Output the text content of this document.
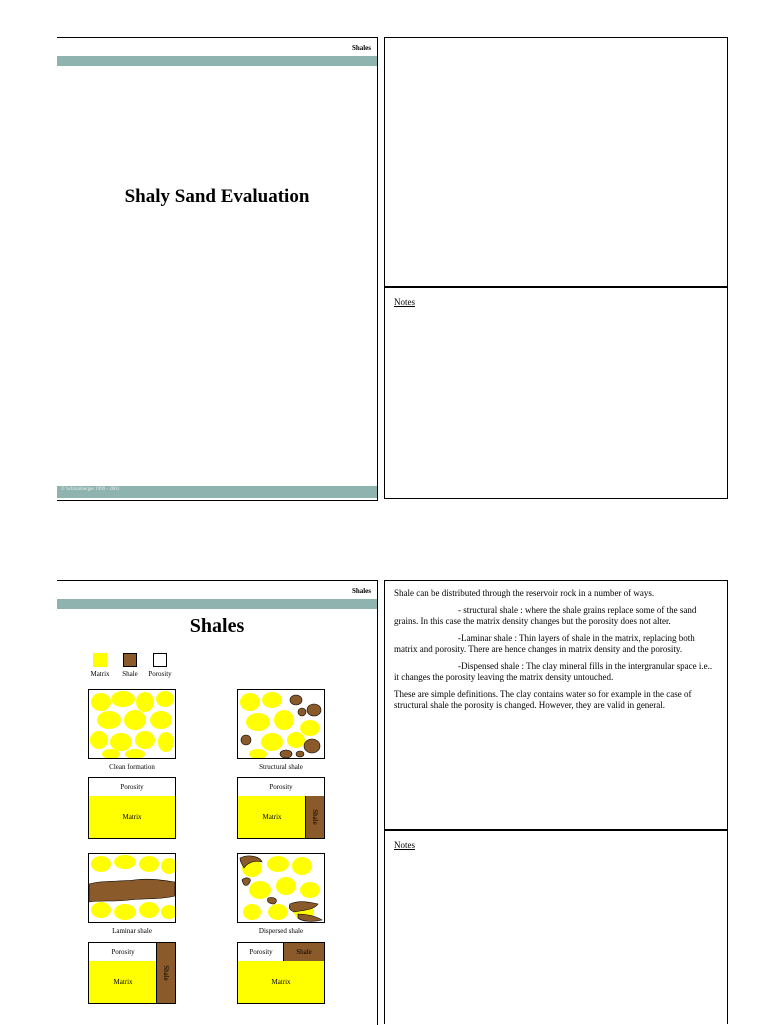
Shales
Shaly Sand Evaluation
© Schlumberger 1999 - 2001
Notes
Shales
Shales
Matrix	Shale	Porosity
Clean formation	Structural shale
Porosity
Matrix
Porosity
Matrix	Shale
Laminar shale	Dispersed shale
Porosity
Matrix
Shale
Porosity	Shale
Matrix

Shale can be distributed through the reservoir rock in a number of ways.

- structural shale : where the shale grains replace some of the sand grains. In this case the matrix density changes but the porosity does not alter.

-Laminar shale : Thin layers of shale in the matrix, replacing both matrix and porosity. There are hence changes in matrix density and the porosity.

-Dispensed shale : The clay mineral fills in the intergranular space i.e.. it changes the porosity leaving the matrix density untouched.

These are simple definitions. The clay contains water so for example in the case of structural shale the porosity is changed. However, they are valid in general.

Notes
